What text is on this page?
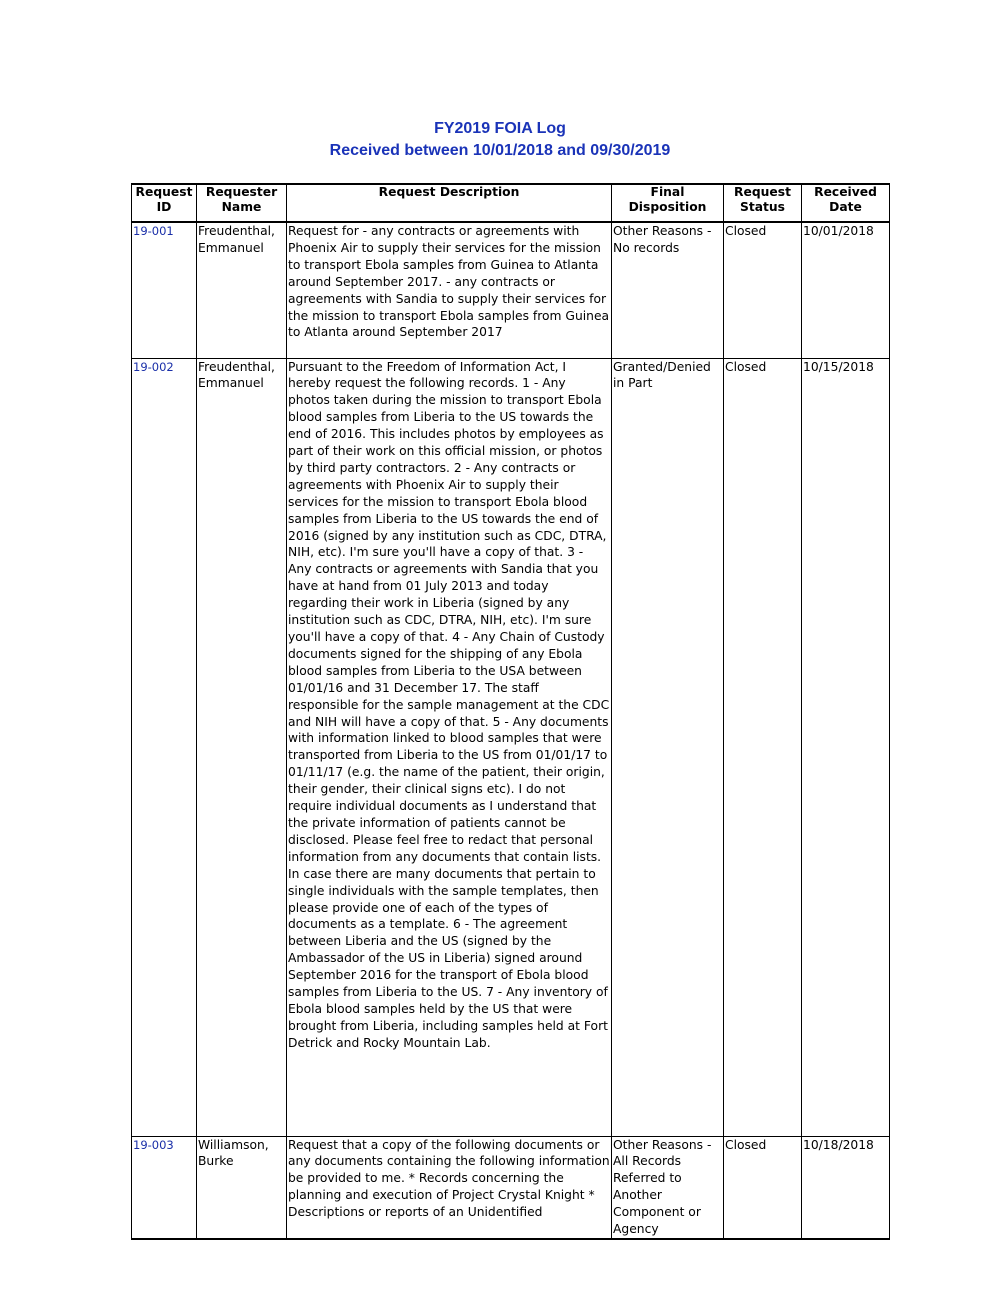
FY2019 FOIA Log
Received between 10/01/2018 and 09/30/2019
Request ID	Requester Name	Request Description	Final Disposition	Request Status	Received Date
19-001	Freudenthal, Emmanuel	Request for - any contracts or agreements with Phoenix Air to supply their services for the mission to transport Ebola samples from Guinea to Atlanta around September 2017. - any contracts or agreements with Sandia to supply their services for the mission to transport Ebola samples from Guinea to Atlanta around September 2017	Other Reasons - No records	Closed	10/01/2018
19-002	Freudenthal, Emmanuel	Pursuant to the Freedom of Information Act, I hereby request the following records. 1 - Any photos taken during the mission to transport Ebola blood samples from Liberia to the US towards the end of 2016. This includes photos by employees as part of their work on this official mission, or photos by third party contractors. 2 - Any contracts or agreements with Phoenix Air to supply their services for the mission to transport Ebola blood samples from Liberia to the US towards the end of 2016 (signed by any institution such as CDC, DTRA, NIH, etc). I'm sure you'll have a copy of that. 3 - Any contracts or agreements with Sandia that you have at hand from 01 July 2013 and today regarding their work in Liberia (signed by any institution such as CDC, DTRA, NIH, etc). I'm sure you'll have a copy of that. 4 - Any Chain of Custody documents signed for the shipping of any Ebola blood samples from Liberia to the USA between 01/01/16 and 31 December 17. The staff responsible for the sample management at the CDC and NIH will have a copy of that. 5 - Any documents with information linked to blood samples that were transported from Liberia to the US from 01/01/17 to 01/11/17 (e.g. the name of the patient, their origin, their gender, their clinical signs etc). I do not require individual documents as I understand that the private information of patients cannot be disclosed. Please feel free to redact that personal information from any documents that contain lists. In case there are many documents that pertain to single individuals with the sample templates, then please provide one of each of the types of documents as a template. 6 - The agreement between Liberia and the US (signed by the Ambassador of the US in Liberia) signed around September 2016 for the transport of Ebola blood samples from Liberia to the US. 7 - Any inventory of Ebola blood samples held by the US that were brought from Liberia, including samples held at Fort Detrick and Rocky Mountain Lab.	Granted/Denied in Part	Closed	10/15/2018
19-003	Williamson, Burke	Request that a copy of the following documents or any documents containing the following information be provided to me. * Records concerning the planning and execution of Project Crystal Knight * Descriptions or reports of an Unidentified	Other Reasons - All Records Referred to Another Component or Agency	Closed	10/18/2018
